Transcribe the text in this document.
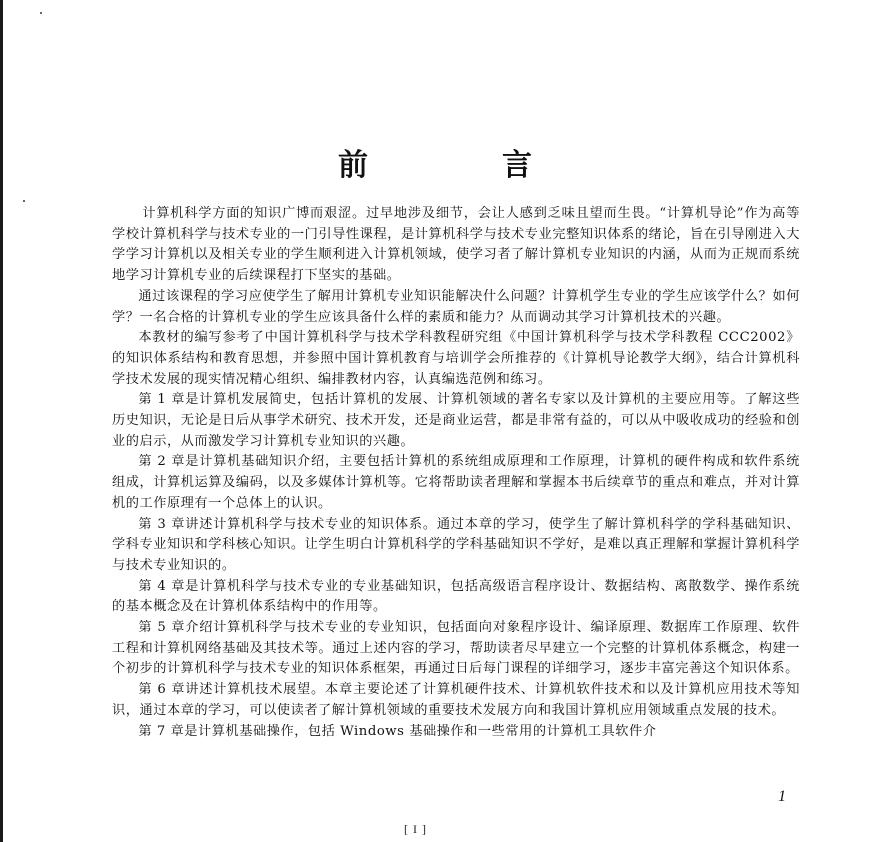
前　言

计算机科学方面的知识广博而艰涩。过早地涉及细节，会让人感到乏味且望而生畏。“计算机导论”作为高等学校计算机科学与技术专业的一门引导性课程，是计算机科学与技术专业完整知识体系的绪论，旨在引导刚进入大学学习计算机以及相关专业的学生顺利进入计算机领域，使学习者了解计算机专业知识的内涵，从而为正规而系统地学习计算机专业的后续课程打下坚实的基础。

通过该课程的学习应使学生了解用计算机专业知识能解决什么问题？计算机学生专业的学生应该学什么？如何学？一名合格的计算机专业的学生应该具备什么样的素质和能力？从而调动其学习计算机技术的兴趣。

本教材的编写参考了中国计算机科学与技术学科教程研究组《中国计算机科学与技术学科教程 CCC2002》的知识体系结构和教育思想，并参照中国计算机教育与培训学会所推荐的《计算机导论教学大纲》，结合计算机科学技术发展的现实情况精心组织、编排教材内容，认真编选范例和练习。

第 1 章是计算机发展简史，包括计算机的发展、计算机领域的著名专家以及计算机的主要应用等。了解这些历史知识，无论是日后从事学术研究、技术开发，还是商业运营，都是非常有益的，可以从中吸收成功的经验和创业的启示，从而激发学习计算机专业知识的兴趣。

第 2 章是计算机基础知识介绍，主要包括计算机的系统组成原理和工作原理，计算机的硬件构成和软件系统组成，计算机运算及编码，以及多媒体计算机等。它将帮助读者理解和掌握本书后续章节的重点和难点，并对计算机的工作原理有一个总体上的认识。

第 3 章讲述计算机科学与技术专业的知识体系。通过本章的学习，使学生了解计算机科学的学科基础知识、学科专业知识和学科核心知识。让学生明白计算机科学的学科基础知识不学好，是难以真正理解和掌握计算机科学与技术专业知识的。

第 4 章是计算机科学与技术专业的专业基础知识，包括高级语言程序设计、数据结构、离散数学、操作系统的基本概念及在计算机体系结构中的作用等。

第 5 章介绍计算机科学与技术专业的专业知识，包括面向对象程序设计、编译原理、数据库工作原理、软件工程和计算机网络基础及其技术等。通过上述内容的学习，帮助读者尽早建立一个完整的计算机体系概念，构建一个初步的计算机科学与技术专业的知识体系框架，再通过日后每门课程的详细学习，逐步丰富完善这个知识体系。

第 6 章讲述计算机技术展望。本章主要论述了计算机硬件技术、计算机软件技术和以及计算机应用技术等知识，通过本章的学习，可以使读者了解计算机领域的重要技术发展方向和我国计算机应用领域重点发展的技术。

第 7 章是计算机基础操作，包括 Windows 基础操作和一些常用的计算机工具软件介

1
[ I ]
